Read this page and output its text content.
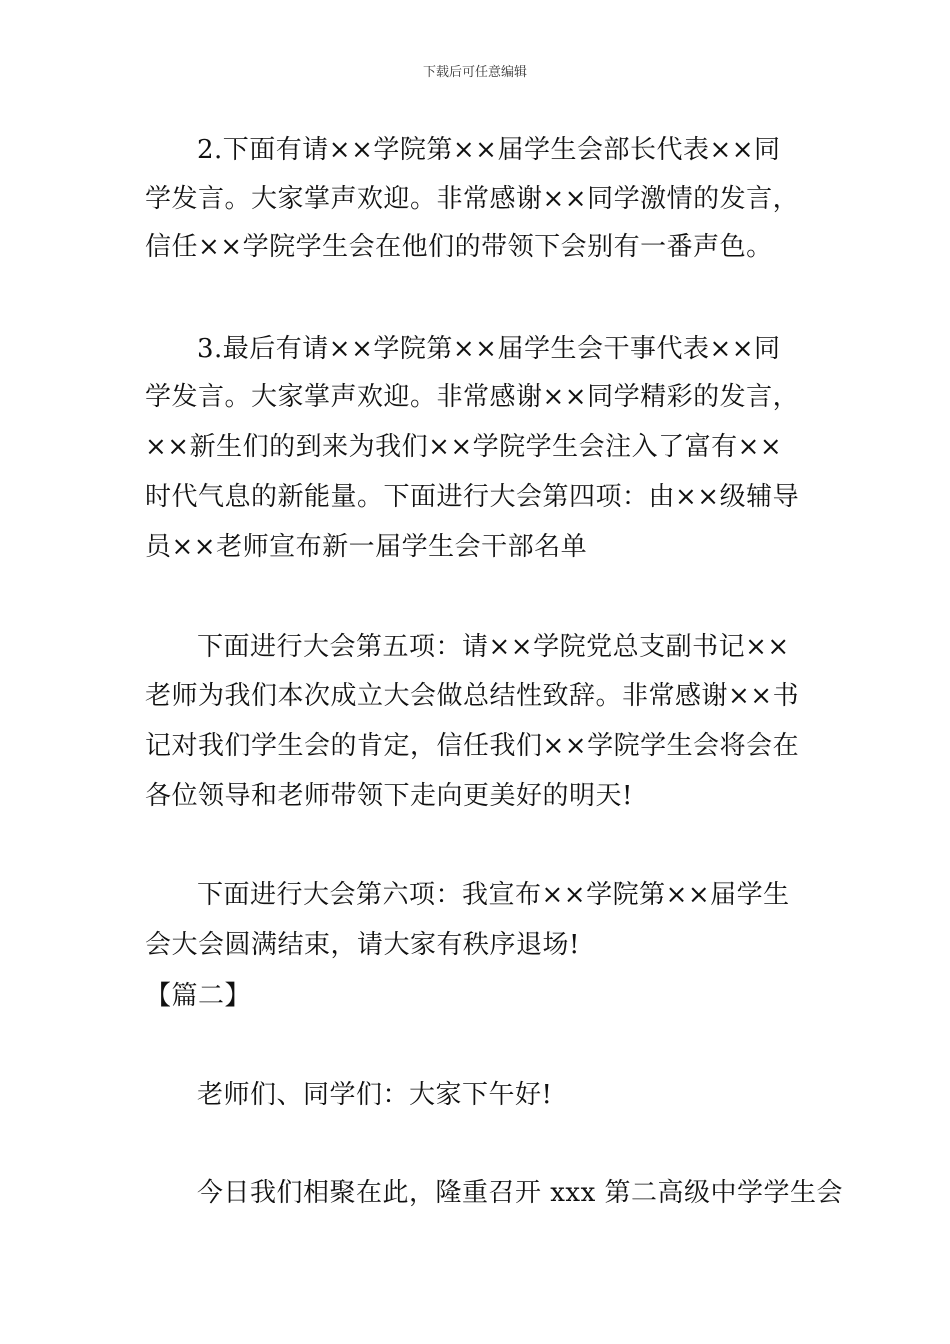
下载后可任意编辑
2.下面有请××学院第××届学生会部长代表××同
学发言。大家掌声欢迎。非常感谢××同学激情的发言，
信任××学院学生会在他们的带领下会别有一番声色。
3.最后有请××学院第××届学生会干事代表××同
学发言。大家掌声欢迎。非常感谢××同学精彩的发言，
××新生们的到来为我们××学院学生会注入了富有××
时代气息的新能量。下面进行大会第四项：由××级辅导
员××老师宣布新一届学生会干部名单
下面进行大会第五项：请××学院党总支副书记××
老师为我们本次成立大会做总结性致辞。非常感谢××书
记对我们学生会的肯定，信任我们××学院学生会将会在
各位领导和老师带领下走向更美好的明天!
下面进行大会第六项：我宣布××学院第××届学生
会大会圆满结束，请大家有秩序退场!
【篇二】
老师们、同学们：大家下午好!
今日我们相聚在此，隆重召开 xxx 第二高级中学学生会
